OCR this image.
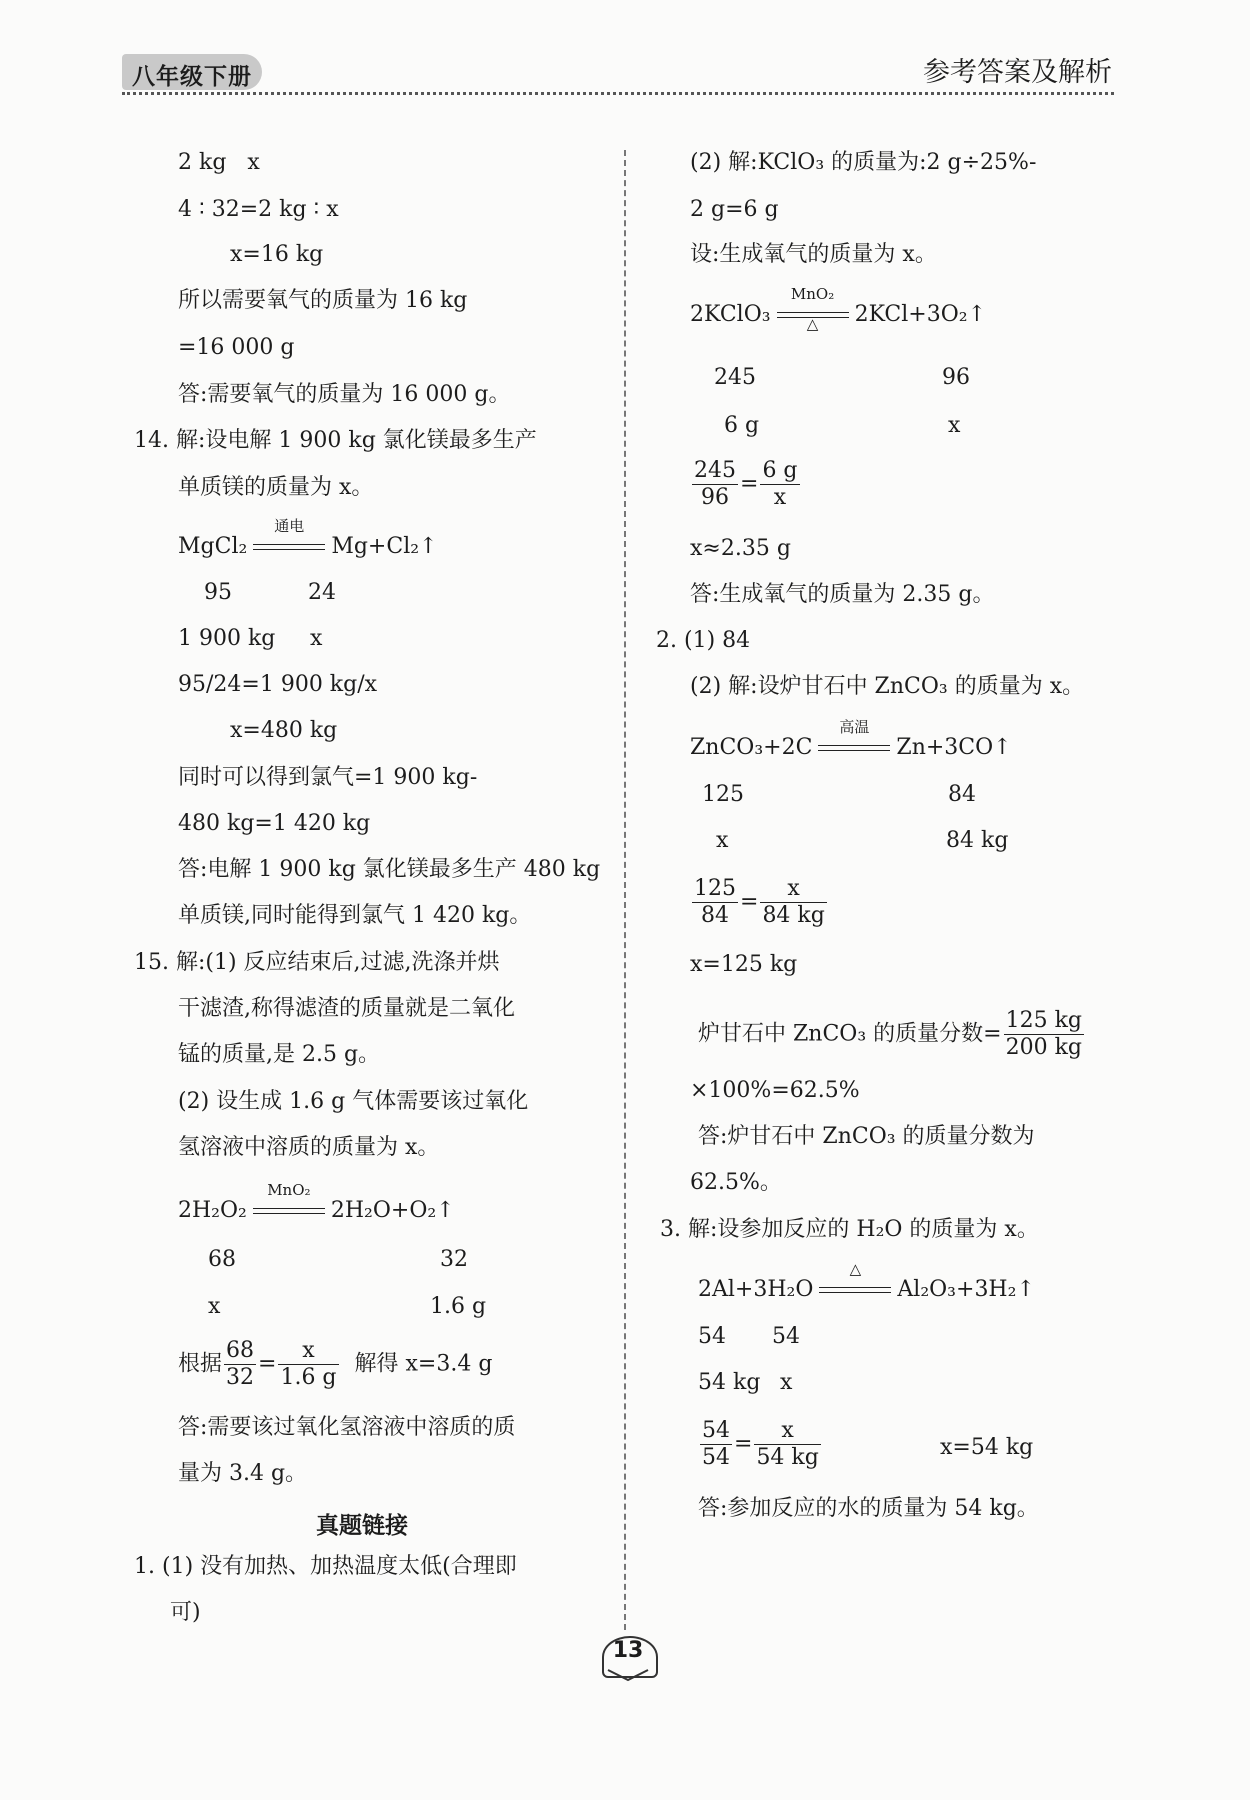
八年级下册	参考答案及解析
2 kg   x
4 ∶ 32=2 kg ∶ x
x=16 kg
所以需要氧气的质量为 16 kg
=16 000 g
答:需要氧气的质量为 16 000 g。
14. 解:设电解 1 900 kg 氯化镁最多生产
单质镁的质量为 x。
MgCl₂
通电
Mg+Cl₂↑
95	24
1 900 kg x
95/24=1 900 kg/x
x=480 kg
同时可以得到氯气=1 900 kg-
480 kg=1 420 kg
答:电解 1 900 kg 氯化镁最多生产 480 kg
单质镁,同时能得到氯气 1 420 kg。
15. 解:(1) 反应结束后,过滤,洗涤并烘
干滤渣,称得滤渣的质量就是二氧化
锰的质量,是 2.5 g。
(2) 设生成 1.6 g 气体需要该过氧化
氢溶液中溶质的质量为 x。
2H₂O₂
MnO₂
2H₂O+O₂↑
68	32
x	1.6 g
根据 $\frac{68}{32} = \frac{x}{1.6 g}$ 解得 x=3.4 g
答:需要该过氧化氢溶液中溶质的质
量为 3.4 g。
真题链接
1. (1) 没有加热、加热温度太低(合理即
可)
(2) 解:KClO₃ 的质量为:2 g÷25%-
2 g=6 g
设:生成氧气的质量为 x。
2KClO₃
MnO₂
△	2KCl+3O₂↑
245	96
6 g	x
$\frac{245}{96} = \frac{6 g}{x}$
x≈2.35 g
答:生成氧气的质量为 2.35 g。
2. (1) 84
(2) 解:设炉甘石中 ZnCO₃ 的质量为 x。
ZnCO₃+2C
高温
Zn+3CO↑
125	84
x	84 kg
$\frac{125}{84} = \frac{x}{84 kg}$
x=125 kg
炉甘石中 ZnCO₃ 的质量分数= $\frac{125 kg}{200 kg}$
×100%=62.5%
答:炉甘石中 ZnCO₃ 的质量分数为
62.5%。
3. 解:设参加反应的 H₂O 的质量为 x。
2Al+3H₂O
△
Al₂O₃+3H₂↑
54 54
54 kg x
$\frac{54}{54} = \frac{x}{54 kg}$	x=54 kg
答:参加反应的水的质量为 54 kg。
13
